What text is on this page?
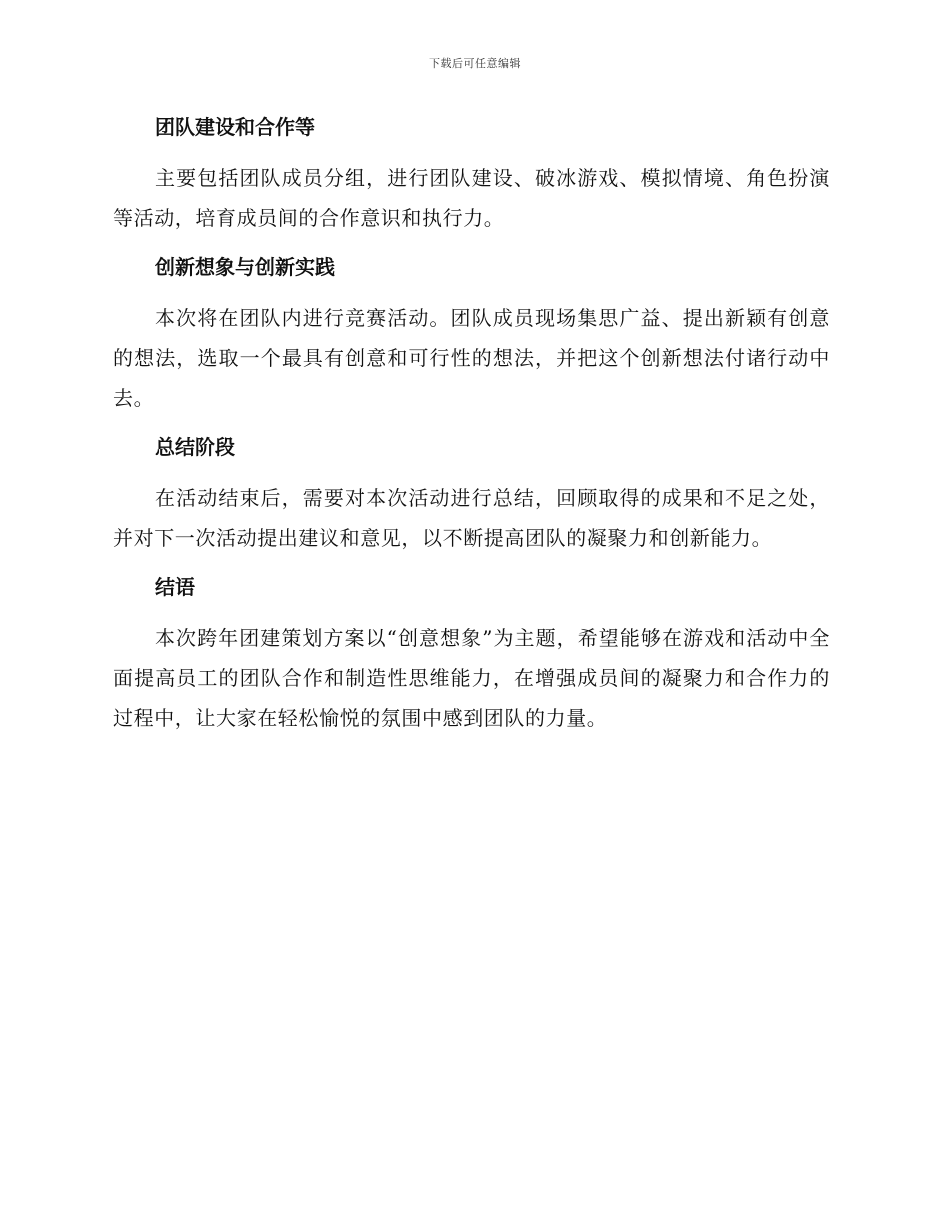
下载后可任意编辑
团队建设和合作等

主要包括团队成员分组，进行团队建设、破冰游戏、模拟情境、角色扮演等活动，培育成员间的合作意识和执行力。

创新想象与创新实践

本次将在团队内进行竞赛活动。团队成员现场集思广益、提出新颖有创意的想法，选取一个最具有创意和可行性的想法，并把这个创新想法付诸行动中去。

总结阶段

在活动结束后，需要对本次活动进行总结，回顾取得的成果和不足之处，并对下一次活动提出建议和意见，以不断提高团队的凝聚力和创新能力。

结语

本次跨年团建策划方案以“创意想象”为主题，希望能够在游戏和活动中全面提高员工的团队合作和制造性思维能力，在增强成员间的凝聚力和合作力的过程中，让大家在轻松愉悦的氛围中感到团队的力量。
